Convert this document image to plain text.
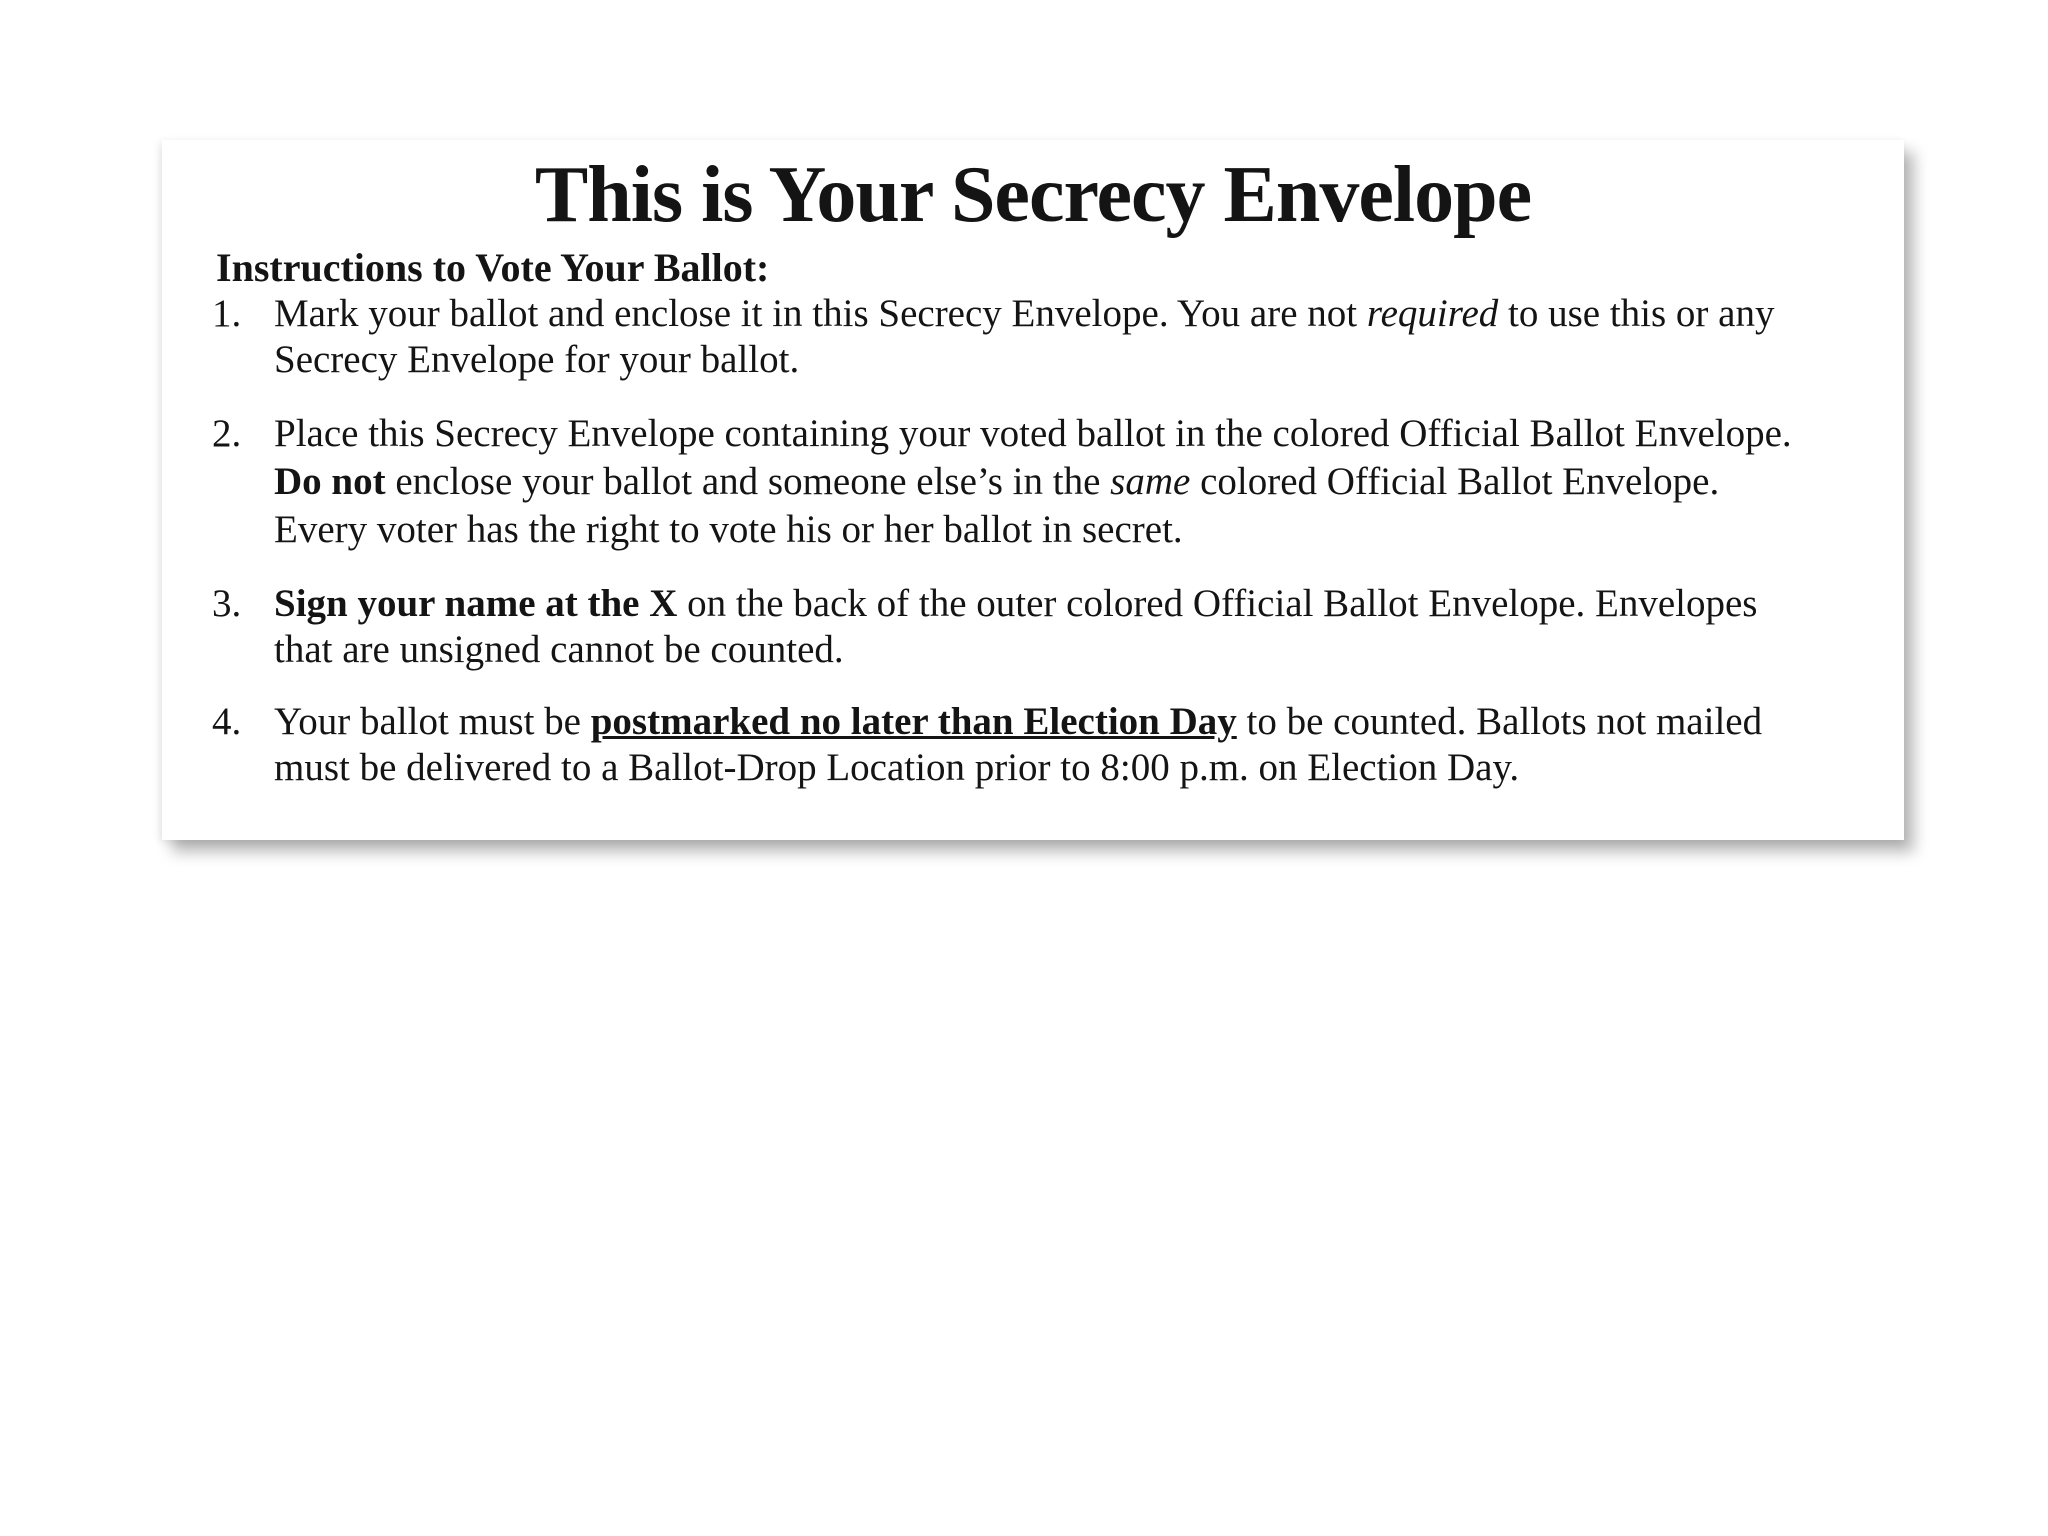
This is Your Secrecy Envelope
Instructions to Vote Your Ballot:
1. Mark your ballot and enclose it in this Secrecy Envelope. You are not required to use this or any
Secrecy Envelope for your ballot.
2. Place this Secrecy Envelope containing your voted ballot in the colored Official Ballot Envelope.
Do not enclose your ballot and someone else’s in the same colored Official Ballot Envelope.
Every voter has the right to vote his or her ballot in secret.
3. Sign your name at the X on the back of the outer colored Official Ballot Envelope. Envelopes
that are unsigned cannot be counted.
4. Your ballot must be postmarked no later than Election Day to be counted. Ballots not mailed
must be delivered to a Ballot-Drop Location prior to 8:00 p.m. on Election Day.
